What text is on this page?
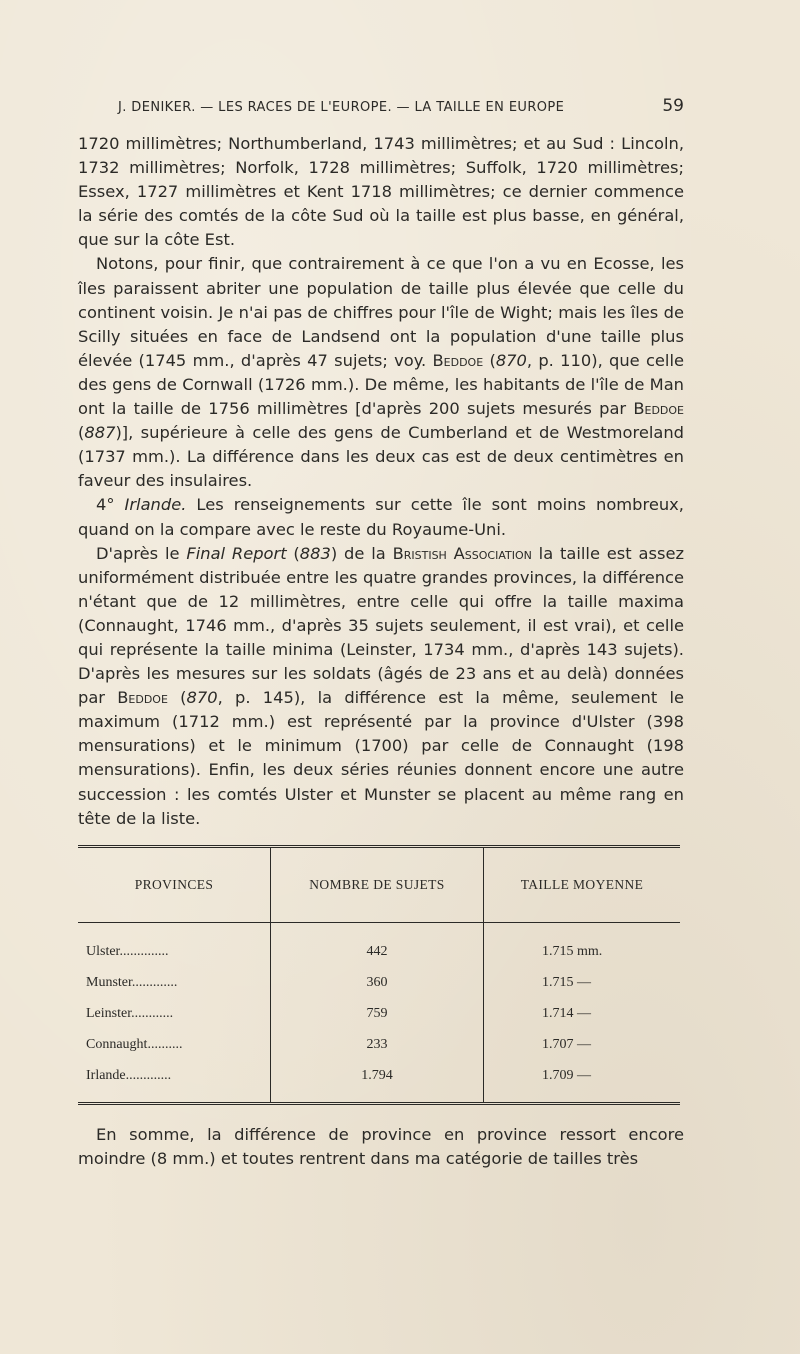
J. DENIKER. — LES RACES DE L'EUROPE. — LA TAILLE EN EUROPE	59

1720 millimètres; Northumberland, 1743 millimètres; et au Sud : Lincoln, 1732 millimètres; Norfolk, 1728 millimètres; Suffolk, 1720 millimètres; Essex, 1727 millimètres et Kent 1718 millimètres; ce dernier commence la série des comtés de la côte Sud où la taille est plus basse, en général, que sur la côte Est.

Notons, pour finir, que contrairement à ce que l'on a vu en Ecosse, les îles paraissent abriter une population de taille plus élevée que celle du continent voisin. Je n'ai pas de chiffres pour l'île de Wight; mais les îles de Scilly situées en face de Landsend ont la population d'une taille plus élevée (1745 mm., d'après 47 sujets; voy. Beddoe (870, p. 110), que celle des gens de Cornwall (1726 mm.). De même, les habitants de l'île de Man ont la taille de 1756 millimètres [d'après 200 sujets mesurés par Beddoe (887)], supérieure à celle des gens de Cumberland et de Westmoreland (1737 mm.). La différence dans les deux cas est de deux centimètres en faveur des insulaires.

4° Irlande. Les renseignements sur cette île sont moins nombreux, quand on la compare avec le reste du Royaume-Uni.

D'après le Final Report (883) de la Bristish Association la taille est assez uniformément distribuée entre les quatre grandes provinces, la différence n'étant que de 12 millimètres, entre celle qui offre la taille maxima (Connaught, 1746 mm., d'après 35 sujets seulement, il est vrai), et celle qui représente la taille minima (Leinster, 1734 mm., d'après 143 sujets). D'après les mesures sur les soldats (âgés de 23 ans et au delà) données par Beddoe (870, p. 145), la différence est la même, seulement le maximum (1712 mm.) est représenté par la province d'Ulster (398 mensurations) et le minimum (1700) par celle de Connaught (198 mensurations). Enfin, les deux séries réunies donnent encore une autre succession : les comtés Ulster et Munster se placent au même rang en tête de la liste.

PROVINCES	NOMBRE DE SUJETS	TAILLE MOYENNE
Ulster..............	442	1.715 mm.
Munster.............	360	1.715 —
Leinster............	759	1.714 —
Connaught..........	233	1.707 —
Irlande.............	1.794	1.709 —

En somme, la différence de province en province ressort encore moindre (8 mm.) et toutes rentrent dans ma catégorie de tailles très
